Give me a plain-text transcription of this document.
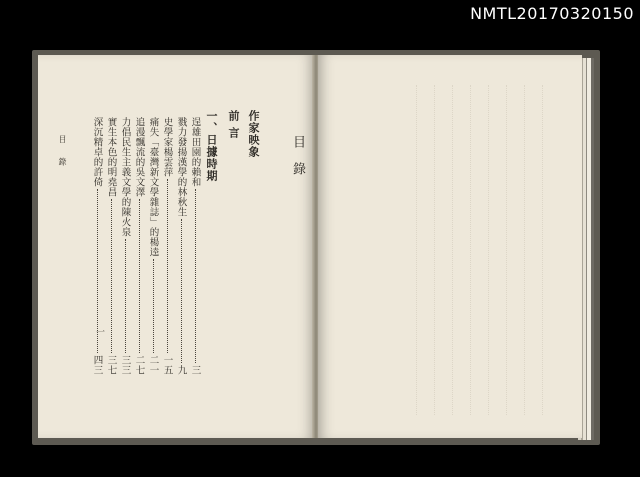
NMTL20170320150
目錄
作家映象
前 言
一、日據時期
逞雄田園的賴和
三
戮力發揚漢學的林秋生
九
史學家楊雲萍
一五
痛失「臺灣新文學雜誌」的楊逵
二一
追漫飄流的吳文澤
二七
力倡民生主義文學的陳火泉
三三
實生本色的明堯昌
三七
深沉精卓的許倚
四三
目 錄
一
